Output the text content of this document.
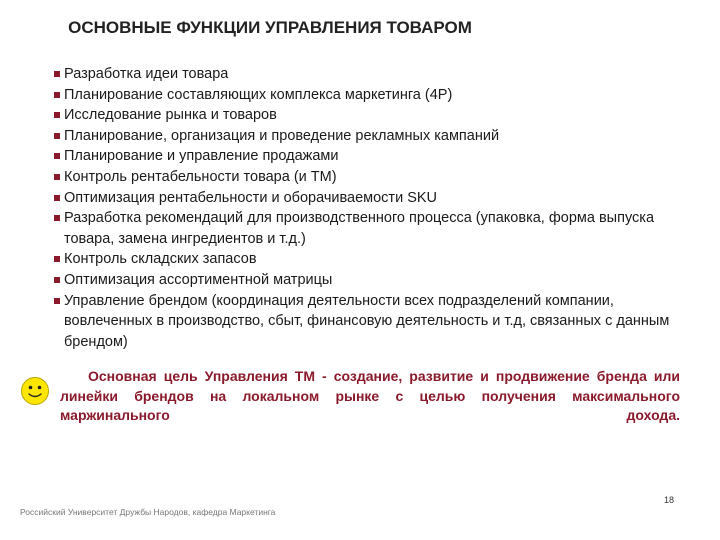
ОСНОВНЫЕ ФУНКЦИИ УПРАВЛЕНИЯ ТОВАРОМ
Разработка идеи товара
Планирование составляющих комплекса маркетинга (4P)
Исследование рынка и товаров
Планирование, организация и проведение рекламных кампаний
Планирование и управление продажами
Контроль рентабельности товара (и ТМ)
Оптимизация рентабельности и оборачиваемости SKU
Разработка рекомендаций для производственного процесса (упаковка, форма выпуска товара, замена ингредиентов и т.д.)
Контроль складских запасов
Оптимизация ассортиментной матрицы
Управление брендом (координация деятельности всех подразделений компании, вовлеченных в производство, сбыт, финансовую деятельность и т.д, связанных с данным брендом)
Основная цель Управления ТМ - создание, развитие и продвижение бренда или линейки брендов на локальном рынке с целью получения максимального маржинального дохода.
18
Российский Университет Дружбы Народов, кафедра Маркетинга
